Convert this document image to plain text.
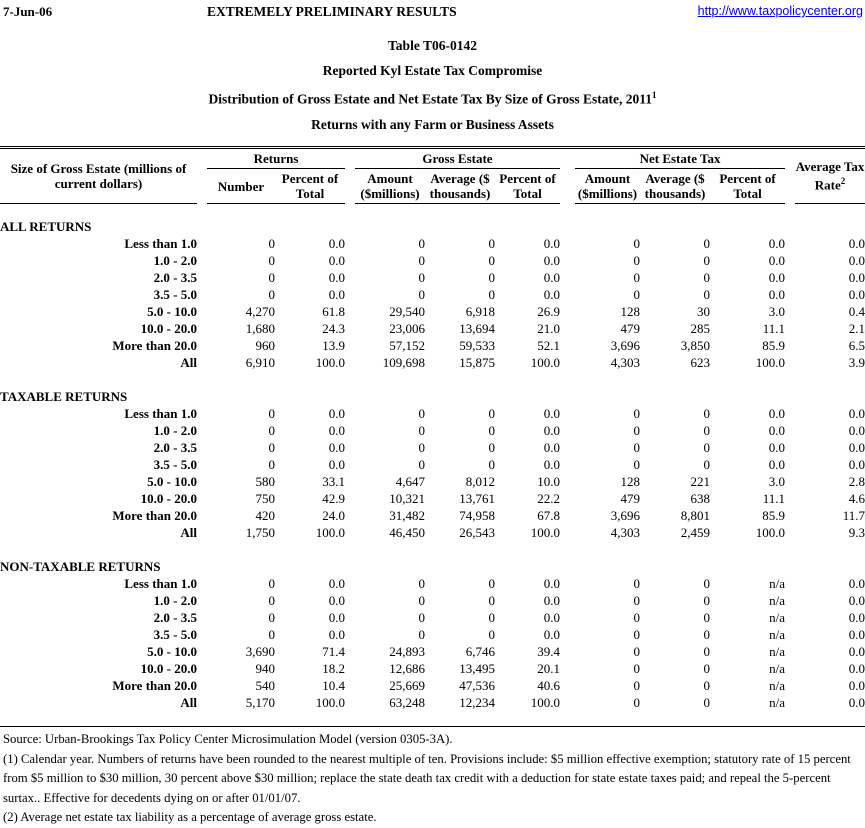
7-Jun-06	EXTREMELY PRELIMINARY RESULTS	http://www.taxpolicycenter.org
Table T06-0142
Reported Kyl Estate Tax Compromise
Distribution of Gross Estate and Net Estate Tax By Size of Gross Estate, 2011$^1$
Returns with any Farm or Business Assets
Size of Gross Estate (millions of current dollars)		Returns			Gross Estate				Net Estate Tax				Average Tax Rate$^2$
		Number	Percent of Total		Amount ($millions)	Average ($ thousands)	Percent of Total		Amount ($millions)	Average ($ thousands)	Percent of Total		

ALL RETURNS													
Less than 1.0		0	0.0		0	0	0.0		0	0	0.0		0.0
1.0 - 2.0		0	0.0		0	0	0.0		0	0	0.0		0.0
2.0 - 3.5		0	0.0		0	0	0.0		0	0	0.0		0.0
3.5 - 5.0		0	0.0		0	0	0.0		0	0	0.0		0.0
5.0 - 10.0		4,270	61.8		29,540	6,918	26.9		128	30	3.0		0.4
10.0 - 20.0		1,680	24.3		23,006	13,694	21.0		479	285	11.1		2.1
More than 20.0		960	13.9		57,152	59,533	52.1		3,696	3,850	85.9		6.5
All		6,910	100.0		109,698	15,875	100.0		4,303	623	100.0		3.9

TAXABLE RETURNS													
Less than 1.0		0	0.0		0	0	0.0		0	0	0.0		0.0
1.0 - 2.0		0	0.0		0	0	0.0		0	0	0.0		0.0
2.0 - 3.5		0	0.0		0	0	0.0		0	0	0.0		0.0
3.5 - 5.0		0	0.0		0	0	0.0		0	0	0.0		0.0
5.0 - 10.0		580	33.1		4,647	8,012	10.0		128	221	3.0		2.8
10.0 - 20.0		750	42.9		10,321	13,761	22.2		479	638	11.1		4.6
More than 20.0		420	24.0		31,482	74,958	67.8		3,696	8,801	85.9		11.7
All		1,750	100.0		46,450	26,543	100.0		4,303	2,459	100.0		9.3

NON-TAXABLE RETURNS													
Less than 1.0		0	0.0		0	0	0.0		0	0	n/a		0.0
1.0 - 2.0		0	0.0		0	0	0.0		0	0	n/a		0.0
2.0 - 3.5		0	0.0		0	0	0.0		0	0	n/a		0.0
3.5 - 5.0		0	0.0		0	0	0.0		0	0	n/a		0.0
5.0 - 10.0		3,690	71.4		24,893	6,746	39.4		0	0	n/a		0.0
10.0 - 20.0		940	18.2		12,686	13,495	20.1		0	0	n/a		0.0
More than 20.0		540	10.4		25,669	47,536	40.6		0	0	n/a		0.0
All		5,170	100.0		63,248	12,234	100.0		0	0	n/a		0.0

Source: Urban-Brookings Tax Policy Center Microsimulation Model (version 0305-3A).
(1) Calendar year. Numbers of returns have been rounded to the nearest multiple of ten. Provisions include: $5 million effective exemption; statutory rate of 15 percent from $5 million to $30 million, 30 percent above $30 million; replace the state death tax credit with a deduction for state estate taxes paid; and repeal the 5-percent surtax.. Effective for decedents dying on or after 01/01/07.
(2) Average net estate tax liability as a percentage of average gross estate.
